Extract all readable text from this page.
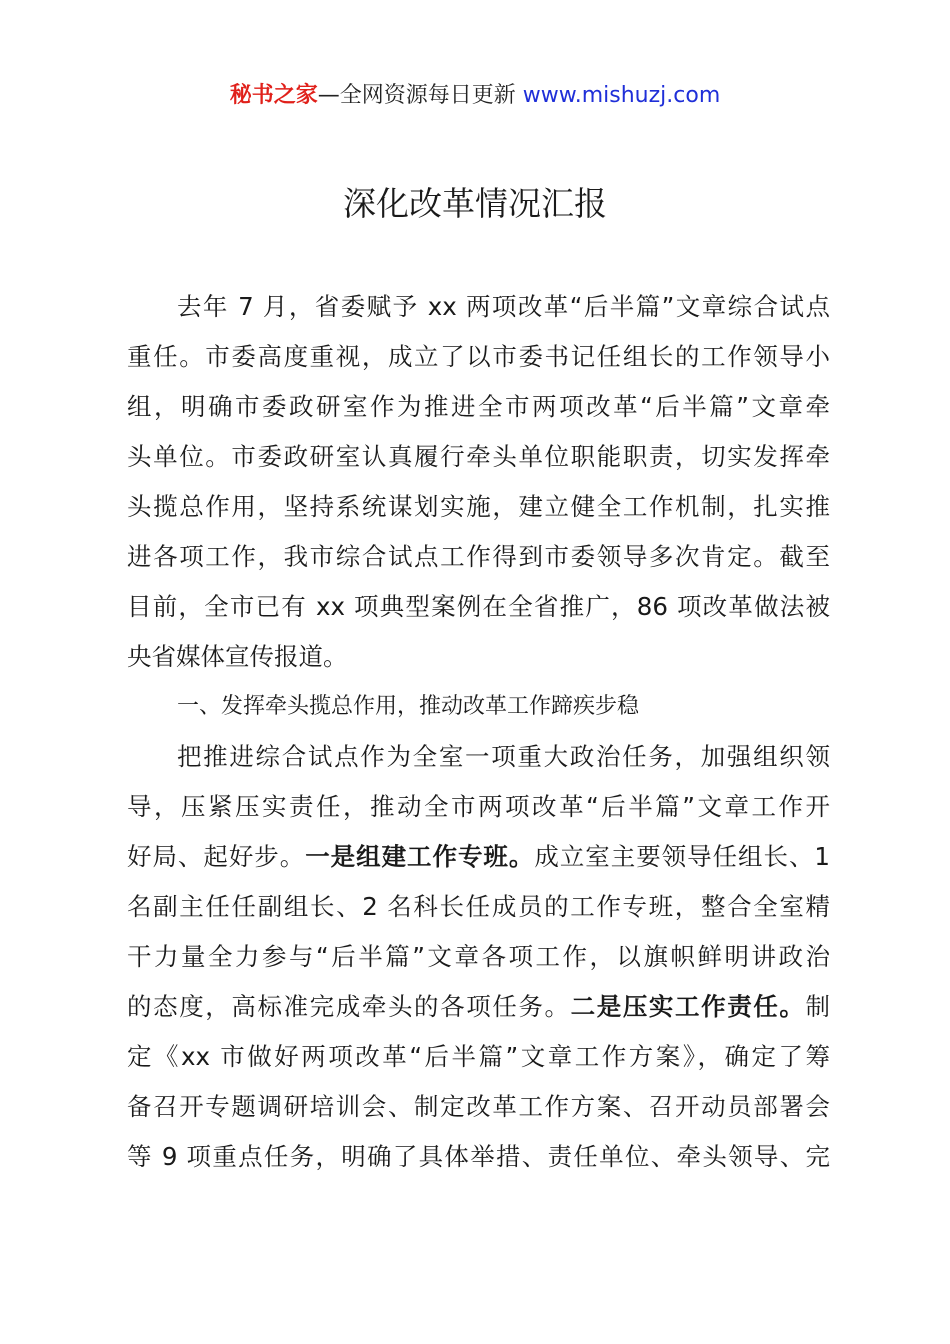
秘书之家—全网资源每日更新 www.mishuzj.com
深化改革情况汇报
去年 7 月，省委赋予 xx 两项改革“后半篇”文章综合试点
重任。市委高度重视，成立了以市委书记任组长的工作领导小
组，明确市委政研室作为推进全市两项改革“后半篇”文章牵
头单位。市委政研室认真履行牵头单位职能职责，切实发挥牵
头揽总作用，坚持系统谋划实施，建立健全工作机制，扎实推
进各项工作，我市综合试点工作得到市委领导多次肯定。截至
目前，全市已有 xx 项典型案例在全省推广，86 项改革做法被
央省媒体宣传报道。
一、发挥牵头揽总作用，推动改革工作蹄疾步稳
把推进综合试点作为全室一项重大政治任务，加强组织领
导，压紧压实责任，推动全市两项改革“后半篇”文章工作开
好局、起好步。一是组建工作专班。成立室主要领导任组长、1
名副主任任副组长、2 名科长任成员的工作专班，整合全室精
干力量全力参与“后半篇”文章各项工作，以旗帜鲜明讲政治
的态度，高标准完成牵头的各项任务。二是压实工作责任。制
定《xx 市做好两项改革“后半篇”文章工作方案》，确定了筹
备召开专题调研培训会、制定改革工作方案、召开动员部署会
等 9 项重点任务，明确了具体举措、责任单位、牵头领导、完
